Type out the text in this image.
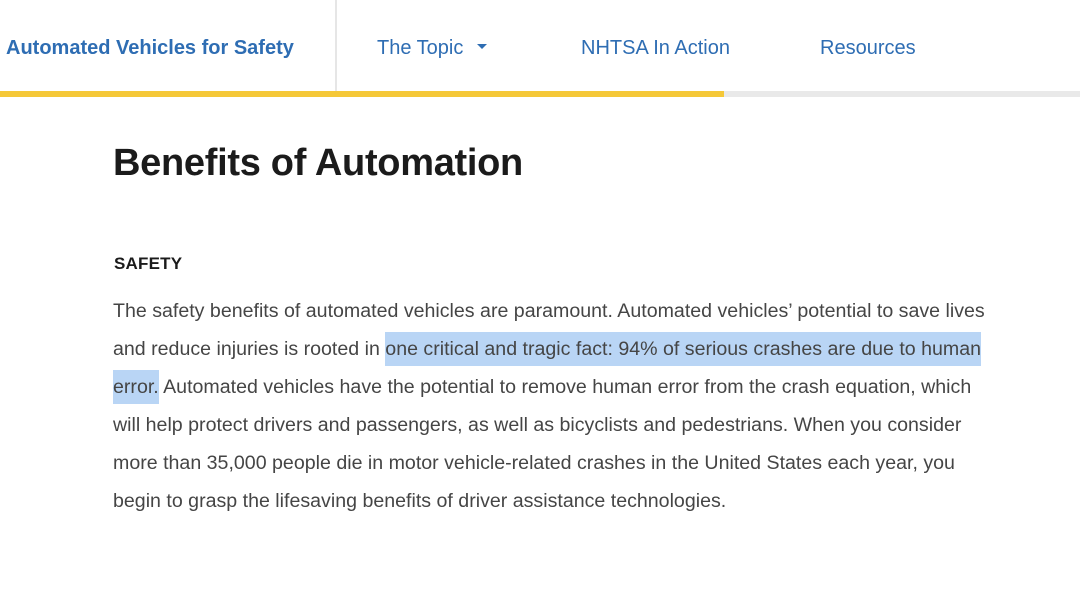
Automated Vehicles for Safety	The Topic	NHTSA In Action	Resources
Benefits of Automation
SAFETY
The safety benefits of automated vehicles are paramount. Automated vehicles’ potential to save lives
and reduce injuries is rooted in one critical and tragic fact: 94% of serious crashes are due to human
error. Automated vehicles have the potential to remove human error from the crash equation, which
will help protect drivers and passengers, as well as bicyclists and pedestrians. When you consider
more than 35,000 people die in motor vehicle-related crashes in the United States each year, you
begin to grasp the lifesaving benefits of driver assistance technologies.
